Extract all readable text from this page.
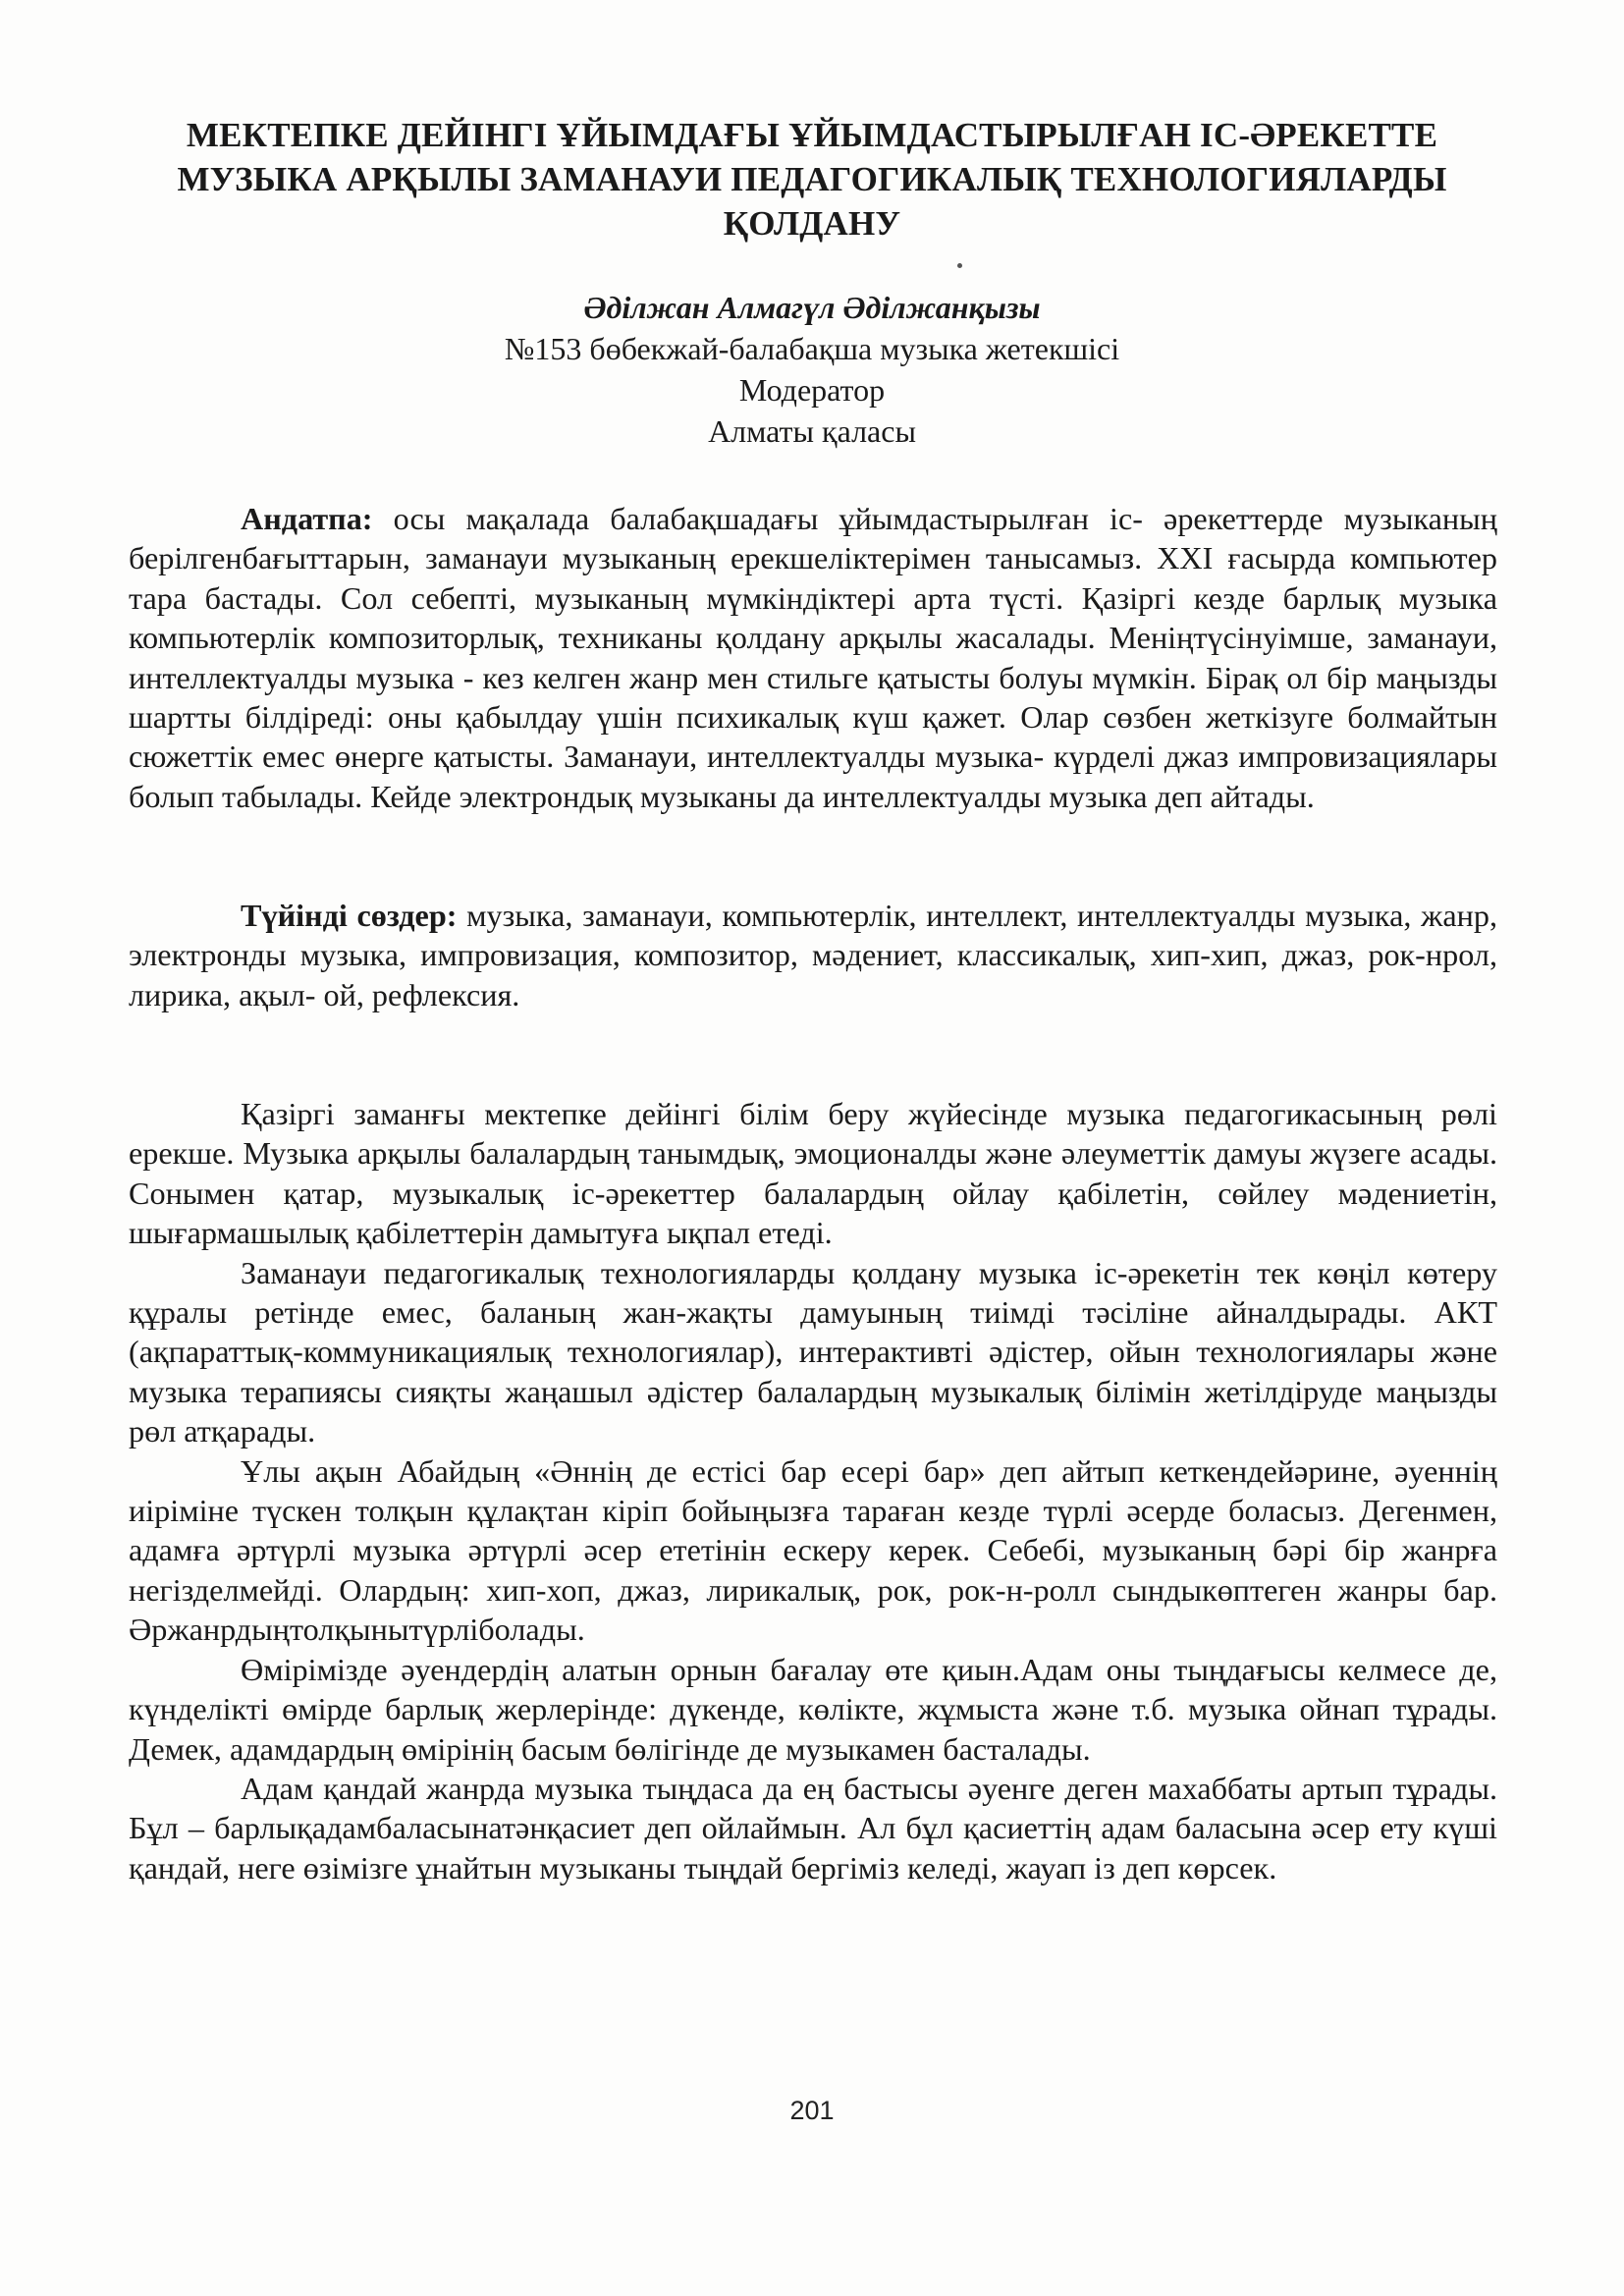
МЕКТЕПКЕ ДЕЙІНГІ ҰЙЫМДАҒЫ ҰЙЫМДАСТЫРЫЛҒАН ІС-ӘРЕКЕТТЕ
МУЗЫКА АРҚЫЛЫ ЗАМАНАУИ ПЕДАГОГИКАЛЫҚ ТЕХНОЛОГИЯЛАРДЫ
ҚОЛДАНУ
Әділжан Алмагүл Әділжанқызы
№153 бөбекжай-балабақша музыка жетекшісі
Модератор
Алматы қаласы

Андатпа: осы мақалада балабақшадағы ұйымдастырылған іс- әрекеттерде музыканың берілгенбағыттарын, заманауи музыканың ерекшеліктерімен танысамыз. XXI ғасырда компьютер тара бастады. Сол себепті, музыканың мүмкіндіктері арта түсті. Қазіргі кезде барлық музыка компьютерлік композиторлық, техниканы қолдану арқылы жасалады. Менiңтүсінуімше, заманауи, интеллектуалды музыка - кез келген жанр мен стильге қатысты болуы мүмкін. Бірақ ол бір маңызды шартты білдіреді: оны қабылдау үшін психикалық күш қажет. Олар сөзбен жеткізуге болмайтын сюжеттік емес өнерге қатысты. Заманауи, интеллектуалды музыка- күрделі джаз импровизациялары болып табылады. Кейде электрондық музыканы да интеллектуалды музыка деп айтады.

Түйінді сөздер: музыка, заманауи, компьютерлік, интеллект, интеллектуалды музыка, жанр, электронды музыка, импровизация, композитор, мәдениет, классикалық, хип-хип, джаз, рок-нрол, лирика, ақыл- ой, рефлексия.

Қазіргі заманғы мектепке дейінгі білім беру жүйесінде музыка педагогикасының рөлі ерекше. Музыка арқылы балалардың танымдық, эмоционалды және әлеуметтік дамуы жүзеге асады. Сонымен қатар, музыкалық іс-әрекеттер балалардың ойлау қабілетін, сөйлеу мәдениетін, шығармашылық қабілеттерін дамытуға ықпал етеді.

Заманауи педагогикалық технологияларды қолдану музыка іс-әрекетін тек көңіл көтеру құралы ретінде емес, баланың жан-жақты дамуының тиімді тәсіліне айналдырады. АКТ (ақпараттық-коммуникациялық технологиялар), интерактивті әдістер, ойын технологиялары және музыка терапиясы сияқты жаңашыл әдістер балалардың музыкалық білімін жетілдіруде маңызды рөл атқарады.

Ұлы ақын Абайдың «Әннің де естісі бар есері бар» деп айтып кеткендейәрине, әуеннің иіріміне түскен толқын құлақтан кіріп бойыңызға тараған кезде түрлі әсерде боласыз. Дегенмен, адамға әртүрлі музыка әртүрлі әсер ететінін ескеру керек. Себебі, музыканың бәрі бір жанрға негізделмейді. Олардың: хип-хоп, джаз, лирикалық, рок, рок-н-ролл сындыкөптеген жанры бар. Әржанрдыңтолқынытүрлiболады.

Өмірімізде әуендердің алатын орнын бағалау өте қиын.Адам оны тыңдағысы келмесе де, күнделікті өмірде барлық жерлерінде: дүкенде, көлікте, жұмыста және т.б. музыка ойнап тұрады. Демек, адамдардың өмірінің басым бөлігінде де музыкамен басталады.

Адам қандай жанрда музыка тыңдаса да ең бастысы әуенге деген махаббаты артып тұрады. Бұл – барлықадамбаласынатәнқасиет деп ойлаймын. Ал бұл қасиеттің адам баласына әсер ету күші қандай, неге өзімізге ұнайтын музыканы тыңдай бергіміз келеді, жауап із деп көрсек.

201
